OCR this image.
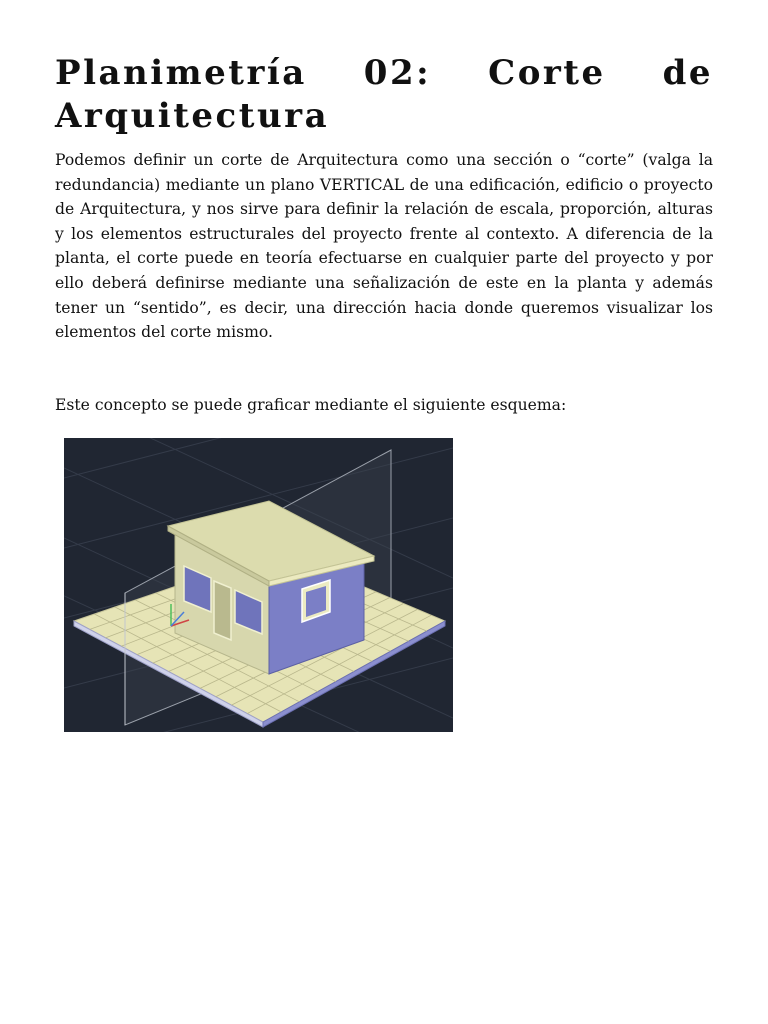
Planimetría 02: Corte de Arquitectura

Podemos definir un corte de Arquitectura como una sección o “corte” (valga la redundancia) mediante un plano VERTICAL de una edificación, edificio o proyecto de Arquitectura, y nos sirve para definir la relación de escala, proporción, alturas y los elementos estructurales del proyecto frente al contexto. A diferencia de la planta, el corte puede en teoría efectuarse en cualquier parte del proyecto y por ello deberá definirse mediante una señalización de este en la planta y además tener un “sentido”, es decir, una dirección hacia donde queremos visualizar los elementos del corte mismo.

Este concepto se puede graficar mediante el siguiente esquema:
